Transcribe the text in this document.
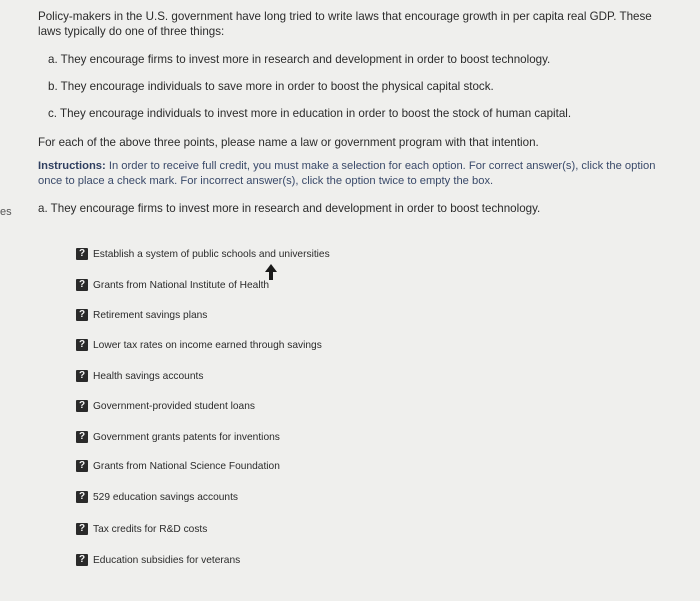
es
Policy-makers in the U.S. government have long tried to write laws that encourage growth in per capita real GDP. These laws typically do one of three things:
a. They encourage firms to invest more in research and development in order to boost technology.
b. They encourage individuals to save more in order to boost the physical capital stock.
c. They encourage individuals to invest more in education in order to boost the stock of human capital.
For each of the above three points, please name a law or government program with that intention.
Instructions: In order to receive full credit, you must make a selection for each option. For correct answer(s), click the option once to place a check mark. For incorrect answer(s), click the option twice to empty the box.
a. They encourage firms to invest more in research and development in order to boost technology.
? Establish a system of public schools and universities
? Grants from National Institute of Health
? Retirement savings plans
? Lower tax rates on income earned through savings
? Health savings accounts
? Government-provided student loans
? Government grants patents for inventions
? Grants from National Science Foundation
? 529 education savings accounts
? Tax credits for R&D costs
? Education subsidies for veterans
